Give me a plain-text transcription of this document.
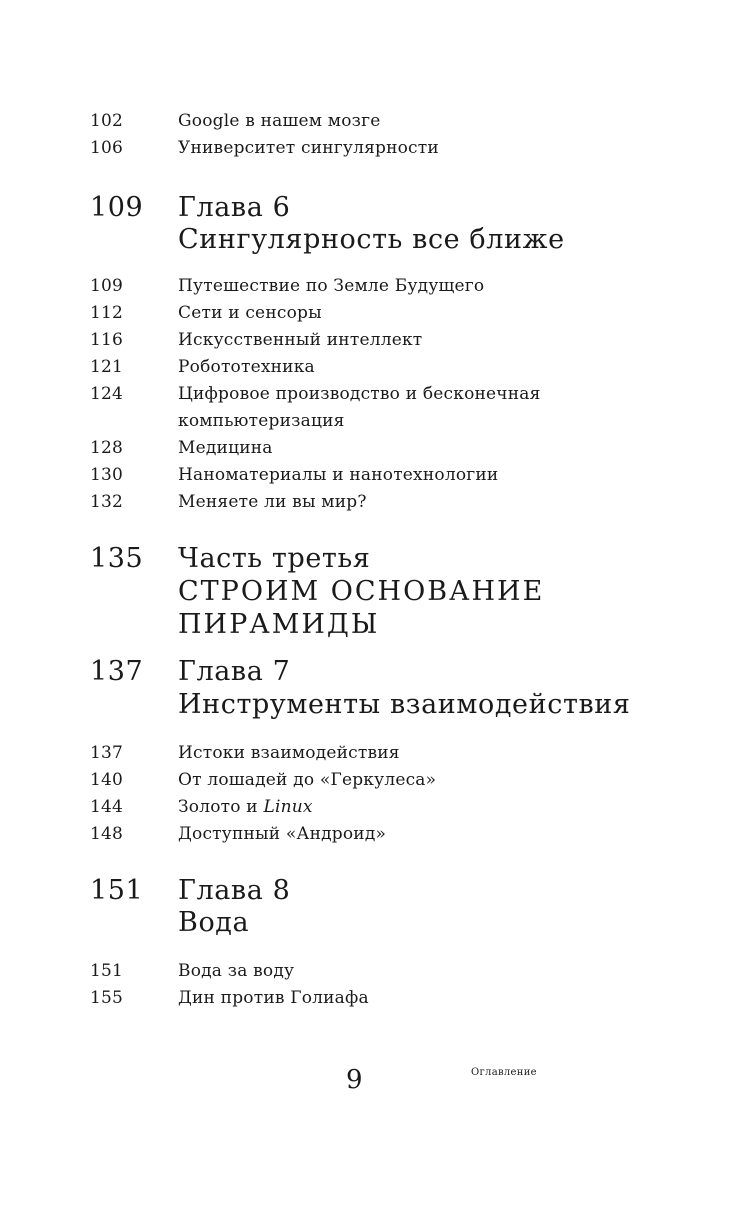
102	Google в нашем мозге
106	Университет сингулярности
109 Глава 6
Сингулярность все ближе
109	Путешествие по Земле Будущего
112	Сети и сенсоры
116	Искусственный интеллект
121	Робототехника
124	Цифровое производство и бесконечная
компьютеризация
128	Медицина
130	Наноматериалы и нанотехнологии
132	Меняете ли вы мир?
135 Часть третья
СТРОИМ ОСНОВАНИЕ
ПИРАМИДЫ
137 Глава 7
Инструменты взаимодействия
137	Истоки взаимодействия
140	От лошадей до «Геркулеса»
144	Золото и Linux
148	Доступный «Андроид»
151 Глава 8
Вода
151	Вода за воду
155	Дин против Голиафа
9	Оглавление
